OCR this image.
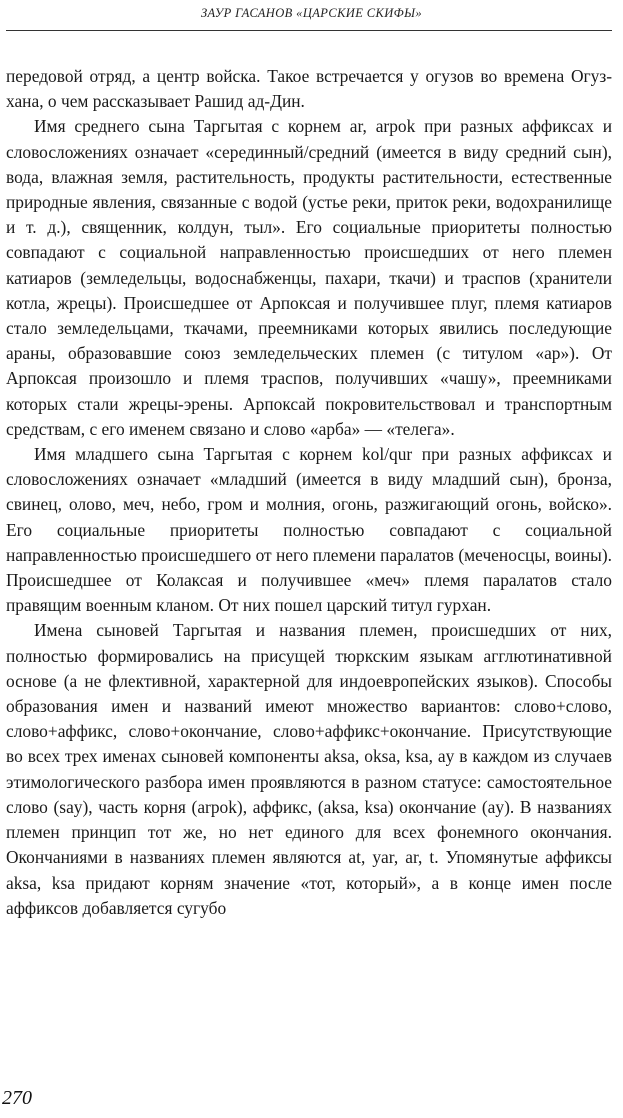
ЗАУР ГАСАНОВ «ЦАРСКИЕ СКИФЫ»

передовой отряд, а центр войска. Такое встречается у огузов во времена Огуз-хана, о чем рассказывает Рашид ад-Дин.

Имя среднего сына Таргытая с корнем ar, arpok при разных аффиксах и словосложениях означает «серединный/средний (имеется в виду средний сын), вода, влажная земля, растительность, продукты растительности, естественные природные явления, связанные с водой (устье реки, приток реки, водохранилище и т. д.), священник, колдун, тыл». Его социальные приоритеты полностью совпадают с социальной направленностью происшедших от него племен катиаров (земледельцы, водоснабженцы, пахари, ткачи) и траспов (хранители котла, жрецы). Происшедшее от Арпоксая и получившее плуг, племя катиаров стало земледельцами, ткачами, преемниками которых явились последующие араны, образовавшие союз земледельческих племен (с титулом «ар»). От Арпоксая произошло и племя траспов, получивших «чашу», преемниками которых стали жрецы-эрены. Арпоксай покровительствовал и транспортным средствам, с его именем связано и слово «арба» — «телега».

Имя младшего сына Таргытая с корнем kol/qur при разных аффиксах и словосложениях означает «младший (имеется в виду младший сын), бронза, свинец, олово, меч, небо, гром и молния, огонь, разжигающий огонь, войско». Его социальные приоритеты полностью совпадают с социальной направленностью происшедшего от него племени паралатов (меченосцы, воины). Происшедшее от Колаксая и получившее «меч» племя паралатов стало правящим военным кланом. От них пошел царский титул гурхан.

Имена сыновей Таргытая и названия племен, происшедших от них, полностью формировались на присущей тюркским языкам агглютинативной основе (а не флективной, характерной для индоевропейских языков). Способы образования имен и названий имеют множество вариантов: слово+слово, слово+аффикс, слово+окончание, слово+аффикс+окончание. Присутствующие во всех трех именах сыновей компоненты aksa, oksa, ksa, ay в каждом из случаев этимологического разбора имен проявляются в разном статусе: самостоятельное слово (say), часть корня (arpok), аффикс, (aksa, ksa) окончание (ay). В названиях племен принцип тот же, но нет единого для всех фонемного окончания. Окончаниями в названиях племен являются at, yar, ar, t. Упомянутые аффиксы aksa, ksa придают корням значение «тот, который», а в конце имен после аффиксов добавляется сугубо

270
